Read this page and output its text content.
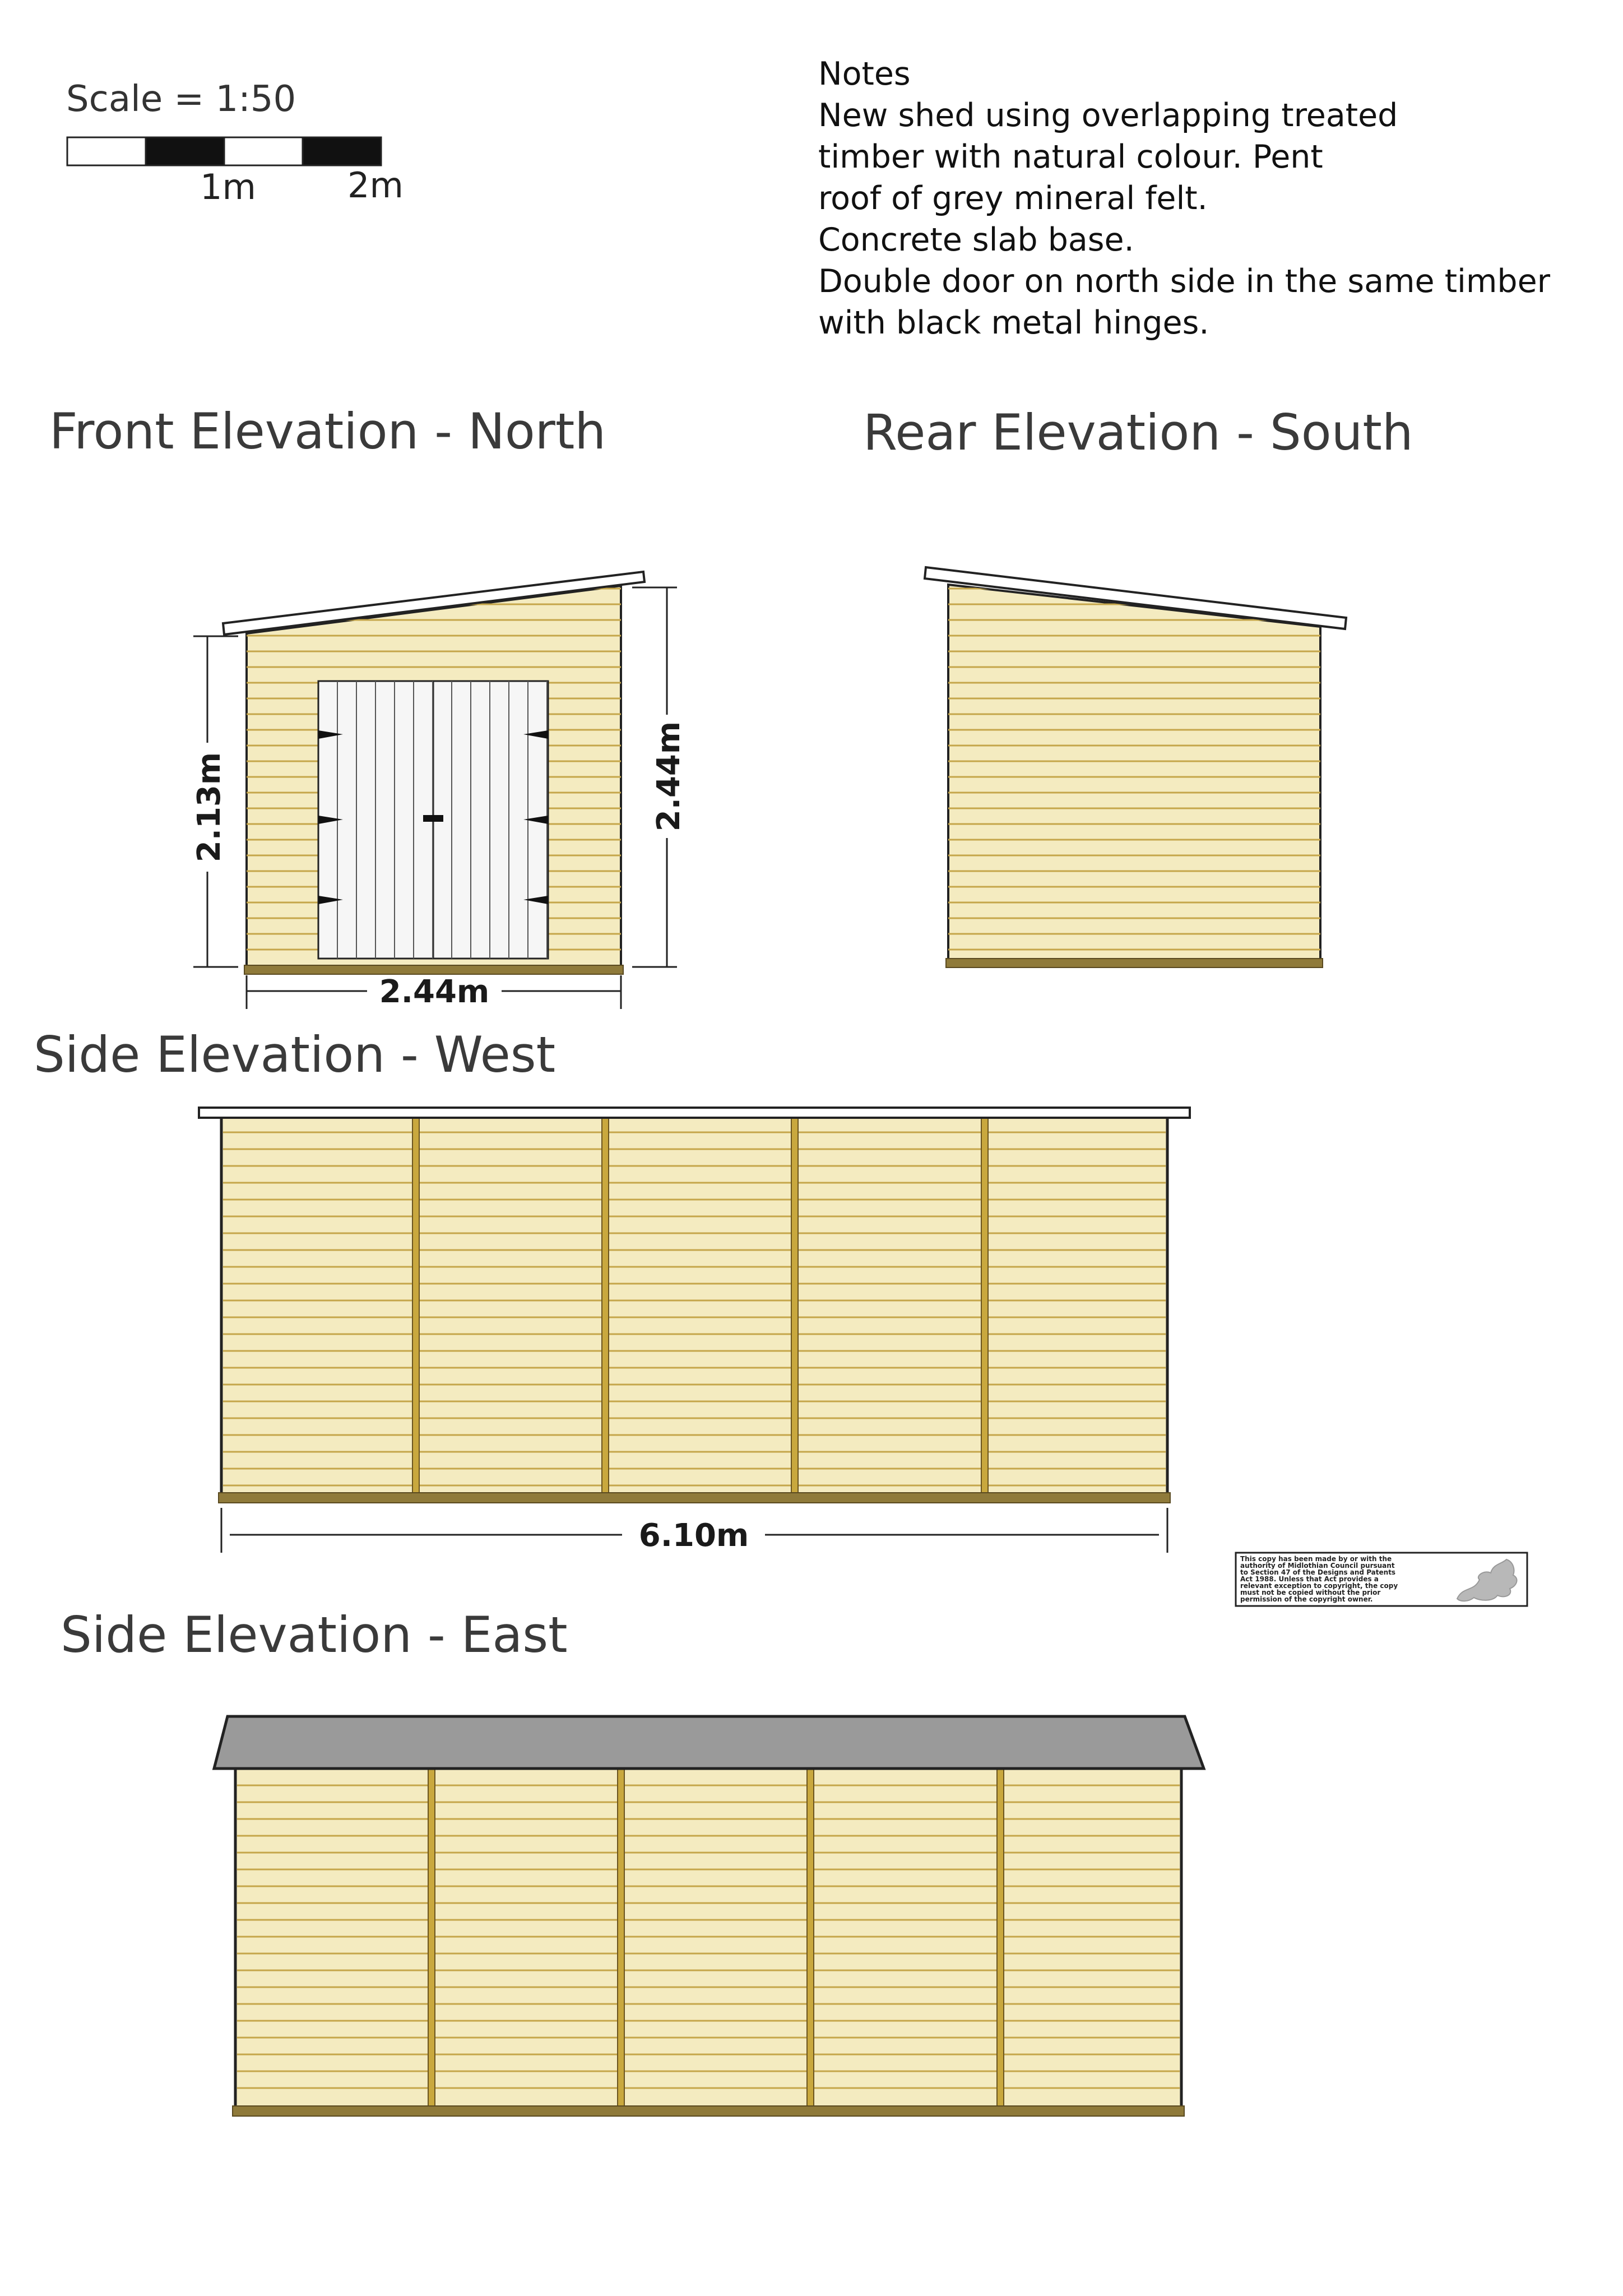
Scale = 1:50
1m	2m
Notes
New shed using overlapping treated
timber with natural colour. Pent
roof of grey mineral felt.
Concrete slab base.
Double door on north side in the same timber
with black metal hinges.
Front Elevation - North	Rear Elevation - South
Side Elevation - West
Side Elevation - East
2.13m	2.44m
2.44m
6.10m
This copy has been made by or with the
authority of Midlothian Council pursuant
to Section 47 of the Designs and Patents
Act 1988. Unless that Act provides a
relevant exception to copyright, the copy
must not be copied without the prior
permission of the copyright owner.
